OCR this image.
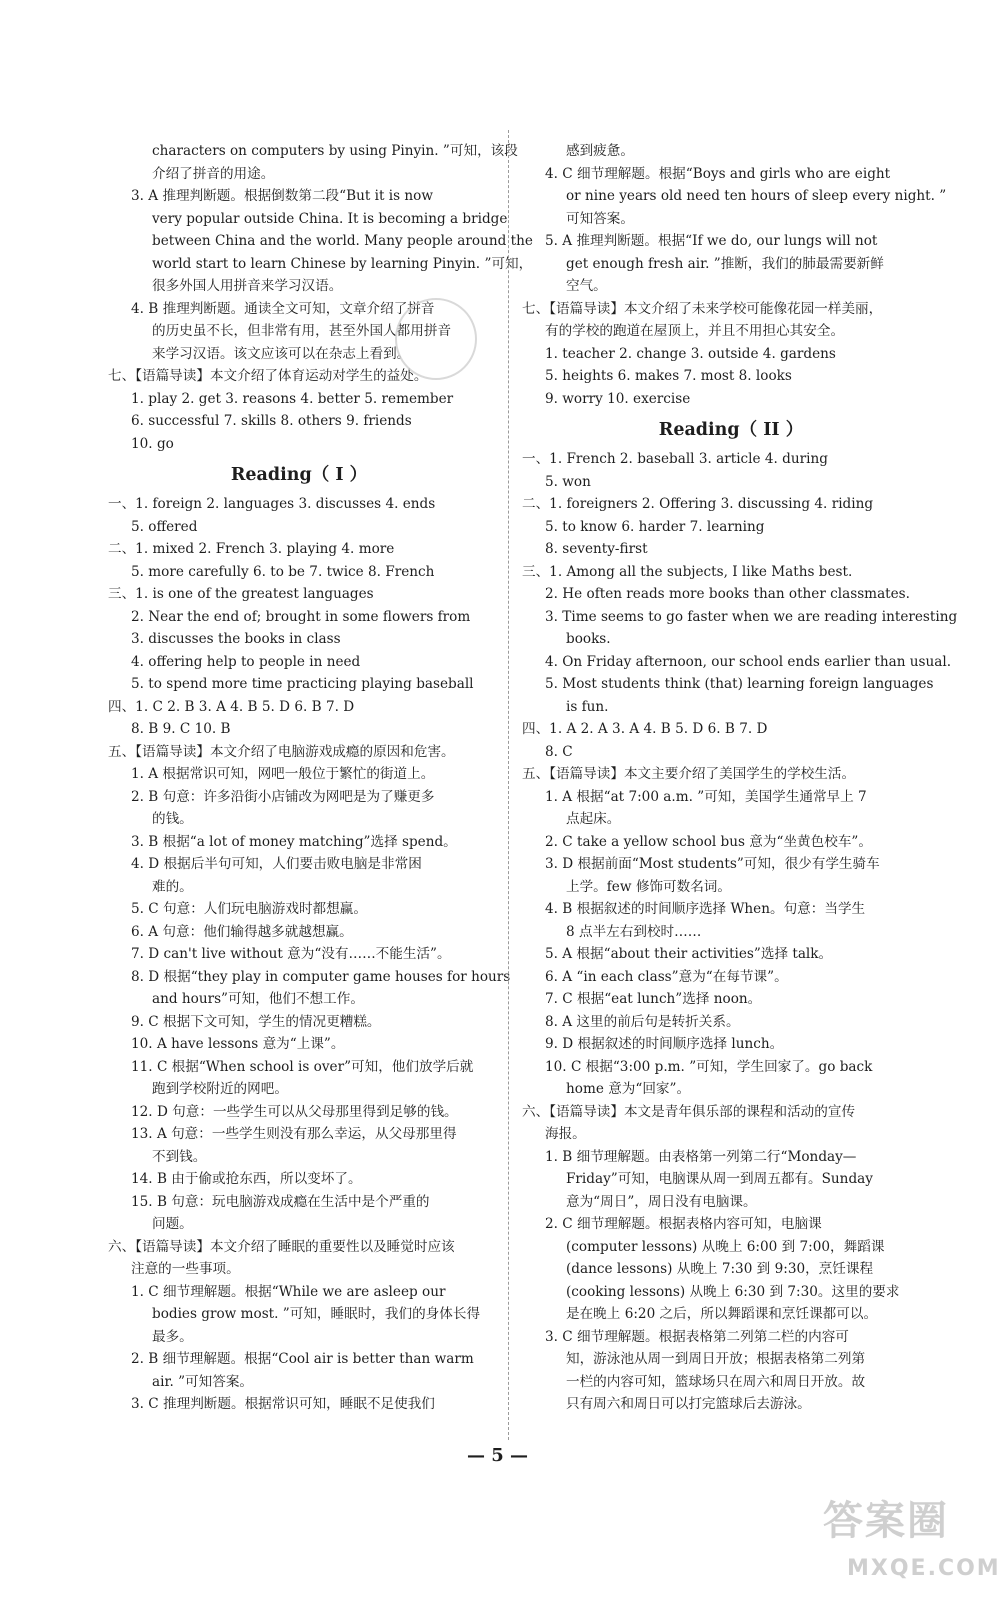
characters on computers by using Pinyin. ”可知，该段
介绍了拼音的用途。
3. A 推理判断题。根据倒数第二段“But it is now
very popular outside China. It is becoming a bridge
between China and the world. Many people around the
world start to learn Chinese by learning Pinyin. ”可知，
很多外国人用拼音来学习汉语。
4. B 推理判断题。通读全文可知，文章介绍了拼音
的历史虽不长，但非常有用，甚至外国人都用拼音
来学习汉语。该文应该可以在杂志上看到。
七、【语篇导读】本文介绍了体育运动对学生的益处。
1. play 2. get 3. reasons 4. better 5. remember
6. successful 7. skills 8. others 9. friends
10. go
Reading（ I ）
一、1. foreign 2. languages 3. discusses 4. ends
5. offered
二、1. mixed 2. French 3. playing 4. more
5. more carefully 6. to be 7. twice 8. French
三、1. is one of the greatest languages
2. Near the end of; brought in some flowers from
3. discusses the books in class
4. offering help to people in need
5. to spend more time practicing playing baseball
四、1. C 2. B 3. A 4. B 5. D 6. B 7. D
8. B 9. C 10. B
五、【语篇导读】本文介绍了电脑游戏成瘾的原因和危害。
1. A 根据常识可知，网吧一般位于繁忙的街道上。
2. B 句意：许多沿街小店铺改为网吧是为了赚更多
的钱。
3. B 根据“a lot of money matching”选择 spend。
4. D 根据后半句可知，人们要击败电脑是非常困
难的。
5. C 句意：人们玩电脑游戏时都想赢。
6. A 句意：他们输得越多就越想赢。
7. D can't live without 意为“没有……不能生活”。
8. D 根据“they play in computer game houses for hours
and hours”可知，他们不想工作。
9. C 根据下文可知，学生的情况更糟糕。
10. A have lessons 意为“上课”。
11. C 根据“When school is over”可知，他们放学后就
跑到学校附近的网吧。
12. D 句意：一些学生可以从父母那里得到足够的钱。
13. A 句意：一些学生则没有那么幸运，从父母那里得
不到钱。
14. B 由于偷或抢东西，所以变坏了。
15. B 句意：玩电脑游戏成瘾在生活中是个严重的
问题。
六、【语篇导读】本文介绍了睡眠的重要性以及睡觉时应该
注意的一些事项。
1. C 细节理解题。根据“While we are asleep our
bodies grow most. ”可知，睡眠时，我们的身体长得
最多。
2. B 细节理解题。根据“Cool air is better than warm
air. ”可知答案。
3. C 推理判断题。根据常识可知，睡眠不足使我们
感到疲惫。
4. C 细节理解题。根据“Boys and girls who are eight
or nine years old need ten hours of sleep every night. ”
可知答案。
5. A 推理判断题。根据“If we do, our lungs will not
get enough fresh air. ”推断，我们的肺最需要新鲜
空气。
七、【语篇导读】本文介绍了未来学校可能像花园一样美丽，
有的学校的跑道在屋顶上，并且不用担心其安全。
1. teacher 2. change 3. outside 4. gardens
5. heights 6. makes 7. most 8. looks
9. worry 10. exercise
Reading（ II ）
一、1. French 2. baseball 3. article 4. during
5. won
二、1. foreigners 2. Offering 3. discussing 4. riding
5. to know 6. harder 7. learning
8. seventy-first
三、1. Among all the subjects, I like Maths best.
2. He often reads more books than other classmates.
3. Time seems to go faster when we are reading interesting
books.
4. On Friday afternoon, our school ends earlier than usual.
5. Most students think (that) learning foreign languages
is fun.
四、1. A 2. A 3. A 4. B 5. D 6. B 7. D
8. C
五、【语篇导读】本文主要介绍了美国学生的学校生活。
1. A 根据“at 7:00 a.m. ”可知，美国学生通常早上 7
点起床。
2. C take a yellow school bus 意为“坐黄色校车”。
3. D 根据前面“Most students”可知，很少有学生骑车
上学。few 修饰可数名词。
4. B 根据叙述的时间顺序选择 When。句意：当学生
8 点半左右到校时……
5. A 根据“about their activities”选择 talk。
6. A “in each class”意为“在每节课”。
7. C 根据“eat lunch”选择 noon。
8. A 这里的前后句是转折关系。
9. D 根据叙述的时间顺序选择 lunch。
10. C 根据“3:00 p.m. ”可知，学生回家了。go back
home 意为“回家”。
六、【语篇导读】本文是青年俱乐部的课程和活动的宣传
海报。
1. B 细节理解题。由表格第一列第二行“Monday—
Friday”可知，电脑课从周一到周五都有。Sunday
意为“周日”，周日没有电脑课。
2. C 细节理解题。根据表格内容可知，电脑课
(computer lessons) 从晚上 6:00 到 7:00，舞蹈课
(dance lessons) 从晚上 7:30 到 9:30，烹饪课程
(cooking lessons) 从晚上 6:30 到 7:30。这里的要求
是在晚上 6:20 之后，所以舞蹈课和烹饪课都可以。
3. C 细节理解题。根据表格第二列第二栏的内容可
知，游泳池从周一到周日开放；根据表格第二列第
一栏的内容可知，篮球场只在周六和周日开放。故
只有周六和周日可以打完篮球后去游泳。
— 5 —
答案圈
MXQE.COM
